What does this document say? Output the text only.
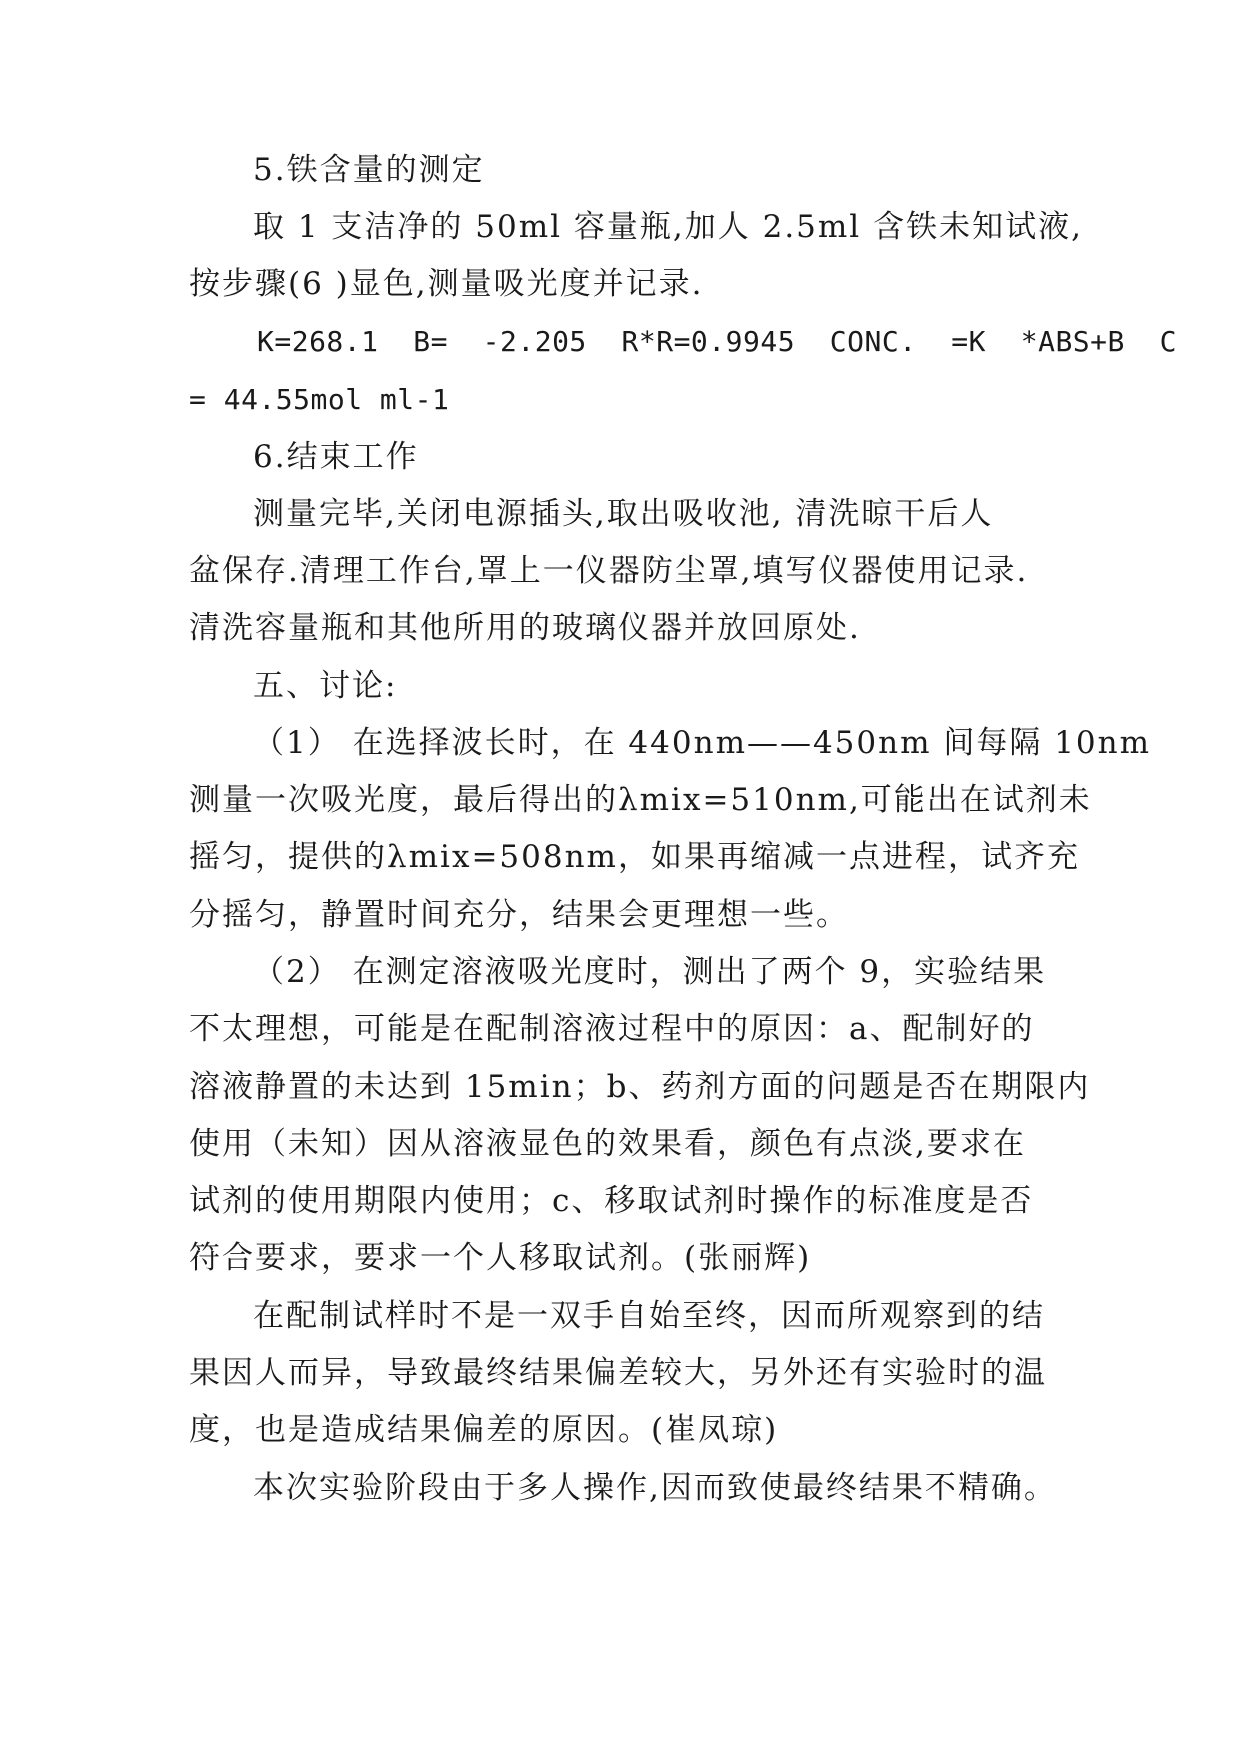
5.铁含量的测定
取 1 支洁净的 50ml 容量瓶,加人 2.5ml 含铁未知试液,
按步骤(6 )显色,测量吸光度并记录.
K=268.1  B=  -2.205  R*R=0.9945  CONC.  =K  *ABS+B  C
= 44.55mol ml-1
6.结束工作
测量完毕,关闭电源插头,取出吸收池, 清洗晾干后人
盆保存.清理工作台,罩上一仪器防尘罩,填写仪器使用记录.
清洗容量瓶和其他所用的玻璃仪器并放回原处.
五、讨论:
（1） 在选择波长时，在 440nm——450nm 间每隔 10nm
测量一次吸光度，最后得出的λmix=510nm,可能出在试剂未
摇匀，提供的λmix=508nm，如果再缩减一点进程，试齐充
分摇匀，静置时间充分，结果会更理想一些。
（2） 在测定溶液吸光度时，测出了两个 9，实验结果
不太理想，可能是在配制溶液过程中的原因：a、配制好的
溶液静置的未达到 15min；b、药剂方面的问题是否在期限内
使用（未知）因从溶液显色的效果看，颜色有点淡,要求在
试剂的使用期限内使用；c、移取试剂时操作的标准度是否
符合要求，要求一个人移取试剂。(张丽辉)
在配制试样时不是一双手自始至终，因而所观察到的结
果因人而异，导致最终结果偏差较大，另外还有实验时的温
度，也是造成结果偏差的原因。(崔凤琼)
本次实验阶段由于多人操作,因而致使最终结果不精确。
